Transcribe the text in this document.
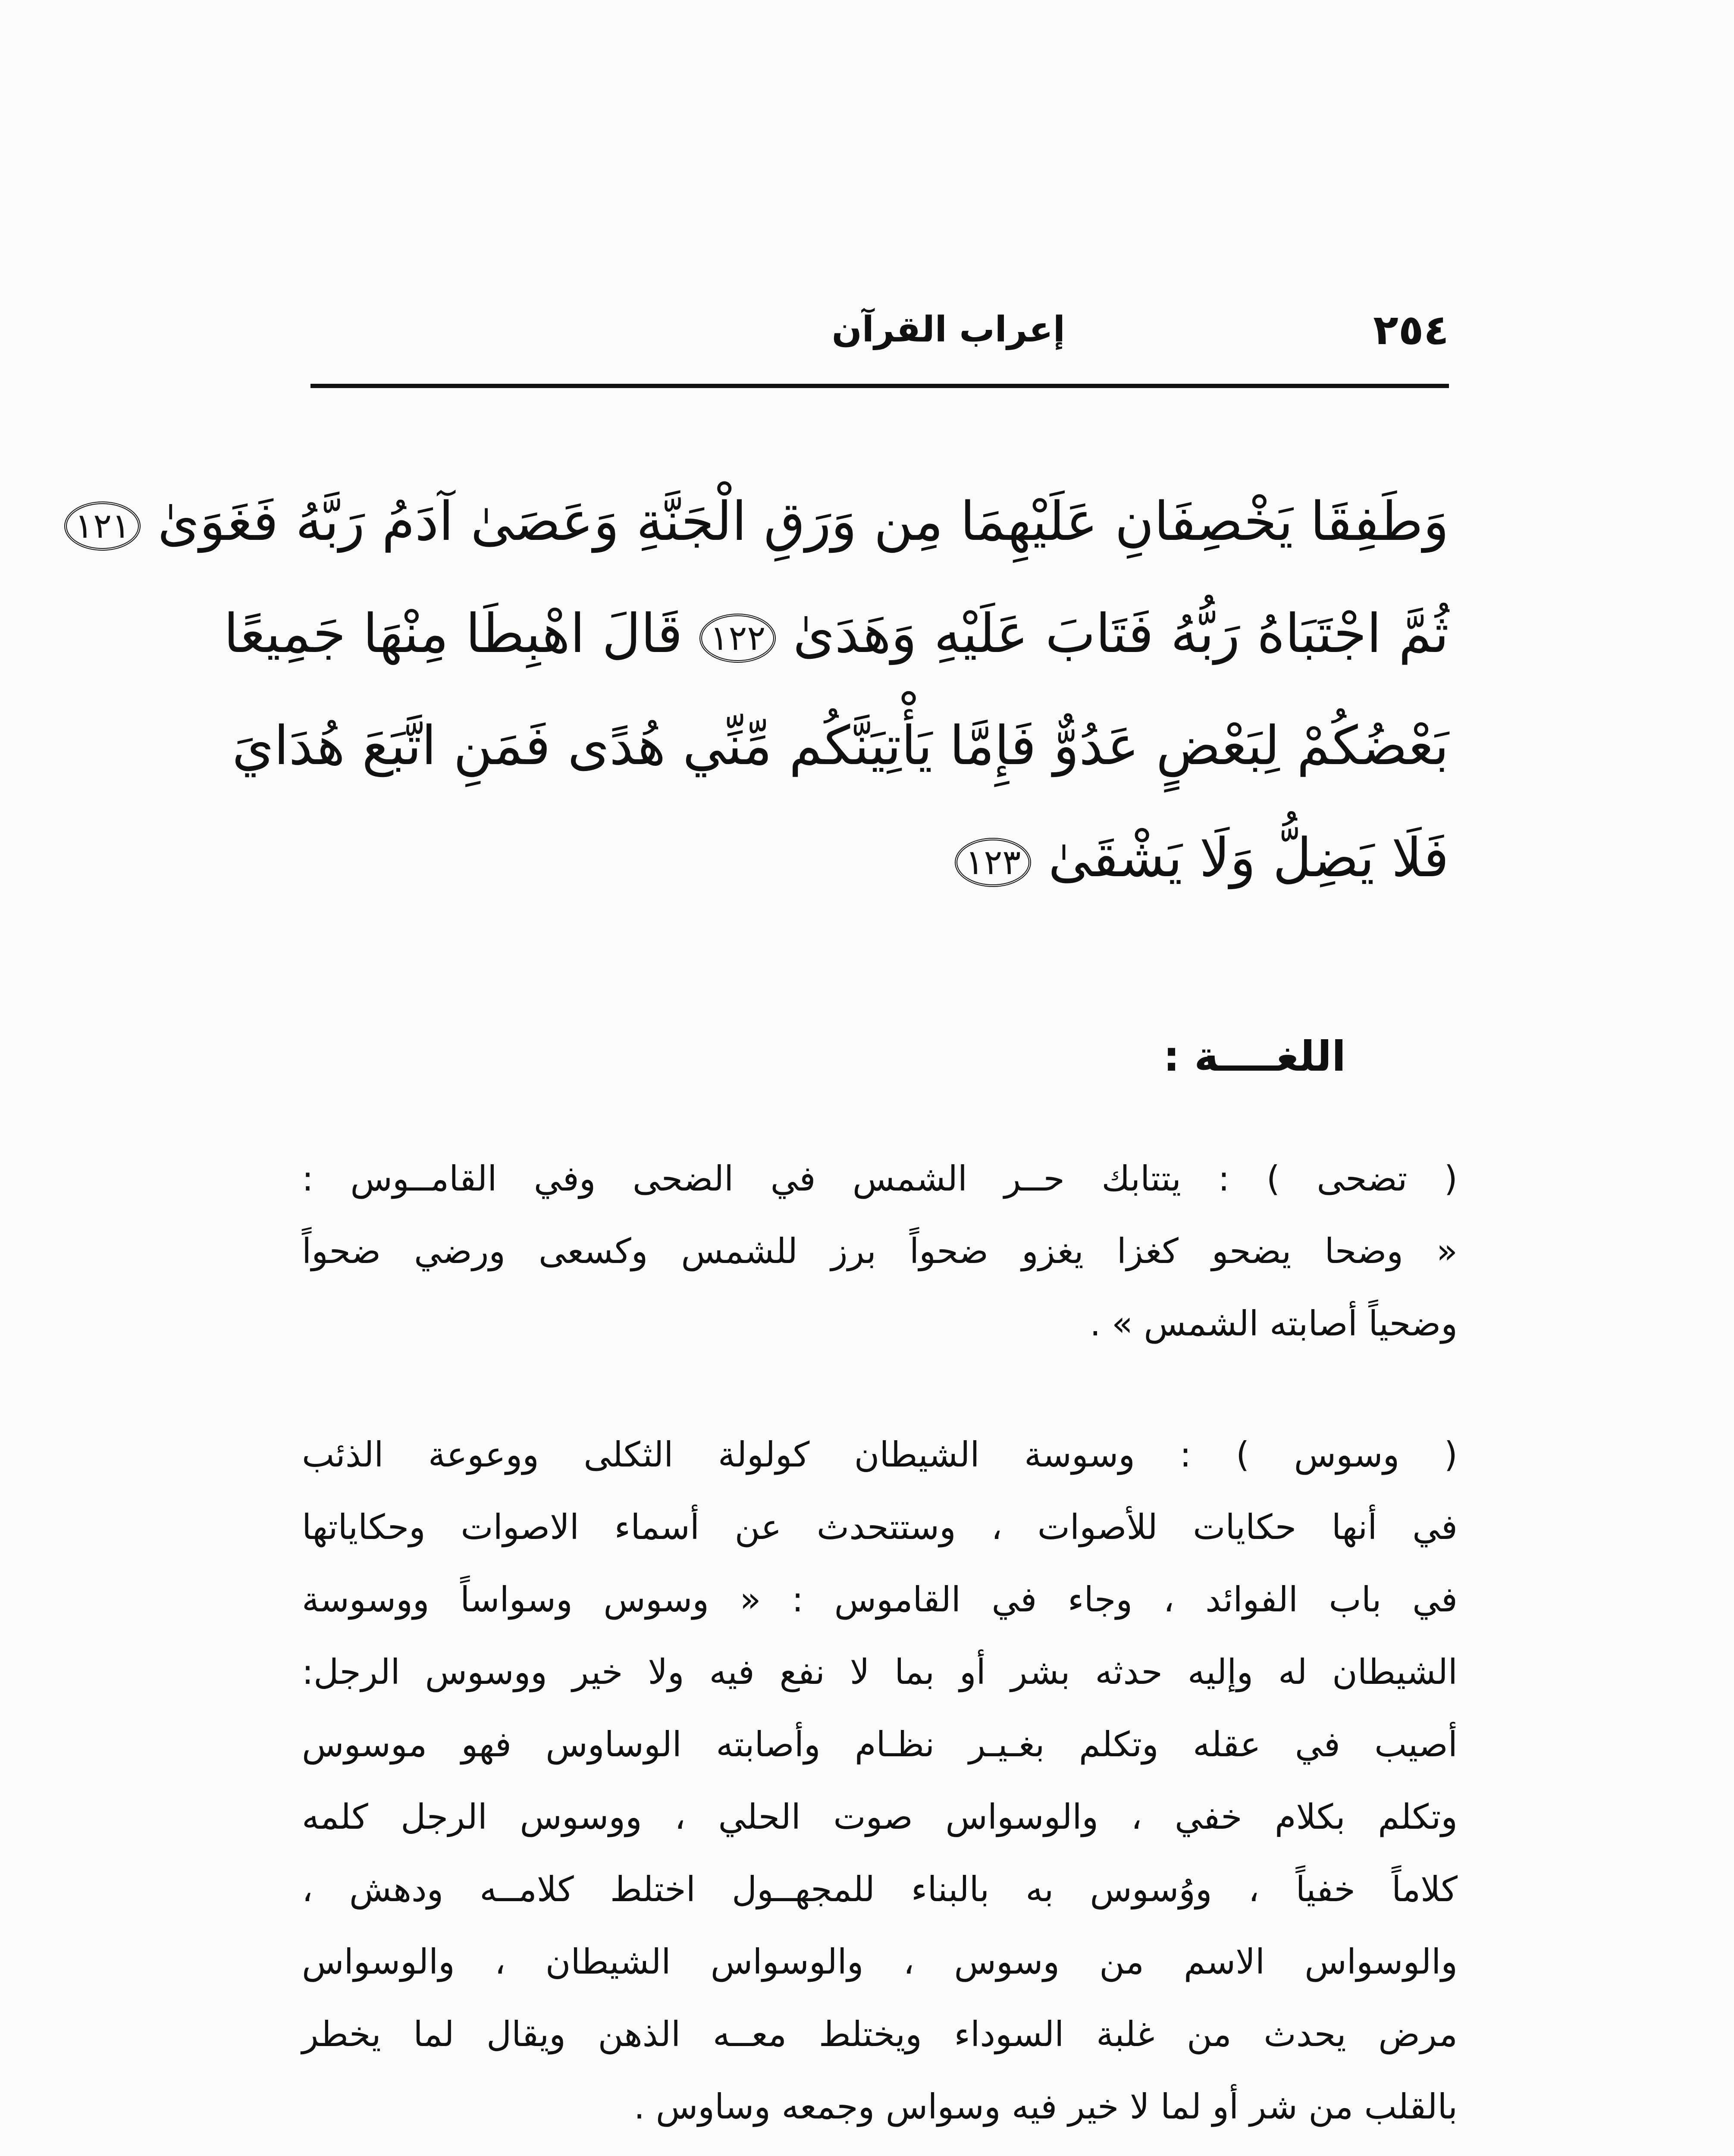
٢٥٤
إعراب القرآن
وَطَفِقَا يَخْصِفَانِ عَلَيْهِمَا مِن وَرَقِ الْجَنَّةِ وَعَصَىٰ آدَمُ رَبَّهُ فَغَوَىٰ ١٢١
ثُمَّ اجْتَبَاهُ رَبُّهُ فَتَابَ عَلَيْهِ وَهَدَىٰ ١٢٢ قَالَ اهْبِطَا مِنْهَا جَمِيعًا
بَعْضُكُمْ لِبَعْضٍ عَدُوٌّ فَإِمَّا يَأْتِيَنَّكُم مِّنِّي هُدًى فَمَنِ اتَّبَعَ هُدَايَ
فَلَا يَضِلُّ وَلَا يَشْقَىٰ ١٢٣
اللغــــة :
( تضحى ) : يتتابك حــر الشمس في الضحى وفي القامــوس :
« وضحا يضحو كغزا يغزو ضحواً برز للشمس وكسعى ورضي ضحواً
وضحياً أصابته الشمس » .
( وسوس ) : وسوسة الشيطان كولولة الثكلى ووعوعة الذئب
في أنها حكايات للأصوات ، وستتحدث عن أسماء الاصوات وحكاياتها
في باب الفوائد ، وجاء في القاموس : « وسوس وسواساً ووسوسة
الشيطان له وإليه حدثه بشر أو بما لا نفع فيه ولا خير ووسوس الرجل:
أصيب في عقله وتكلم بغـيـر نظـام وأصابته الوساوس فهو موسوس
وتكلم بكلام خفي ، والوسواس صوت الحلي ، ووسوس الرجل كلمه
كلاماً خفياً ، ووُسوس به بالبناء للمجهــول اختلط كلامــه ودهش ،
والوسواس الاسم من وسوس ، والوسواس الشيطان ، والوسواس
مرض يحدث من غلبة السوداء ويختلط معــه الذهن ويقال لما يخطر
بالقلب من شر أو لما لا خير فيه وسواس وجمعه وساوس .
